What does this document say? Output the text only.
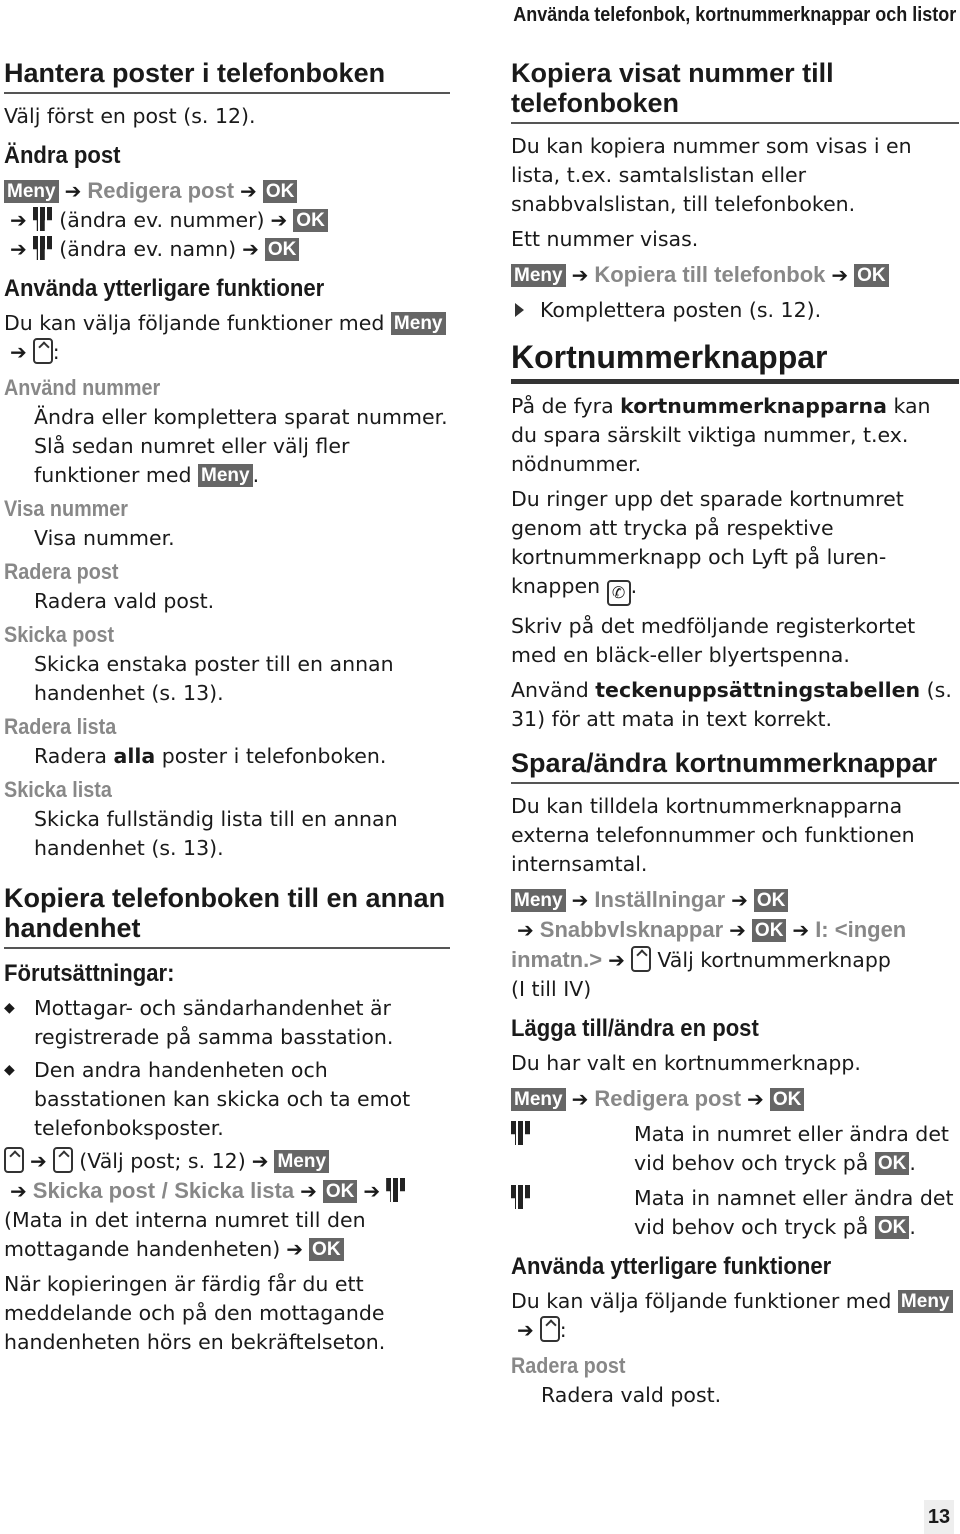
Använda telefonbok, kortnummerknappar och listor
Hantera poster i telefonboken
Välj först en post (s. 12).
Ändra post
Meny ➔ Redigera post ➔ OK
➔ (ändra ev. nummer) ➔ OK
➔ (ändra ev. namn) ➔ OK
Använda ytterligare funktioner
Du kan välja följande funktioner med Meny
➔ :
Använd nummer
Ändra eller komplettera sparat nummer. Slå sedan numret eller välj fler funktioner med Meny .
Visa nummer
Visa nummer.
Radera post
Radera vald post.
Skicka post
Skicka enstaka poster till en annan handenhet (s. 13).
Radera lista
Radera alla poster i telefonboken.
Skicka lista
Skicka fullständig lista till en annan handenhet (s. 13).
Kopiera telefonboken till en annan handenhet
Förutsättningar:
◆ Mottagar- och sändarhandenhet är registrerade på samma basstation.
◆ Den andra handenheten och basstationen kan skicka och ta emot telefonboksposter.
➔ (Välj post; s. 12) ➔ Meny
➔ Skicka post / Skicka lista ➔ OK ➔
(Mata in det interna numret till den mottagande handenheten) ➔ OK
När kopieringen är färdig får du ett meddelande och på den mottagande handenheten hörs en bekräftelseton.
Kopiera visat nummer till telefonboken
Du kan kopiera nummer som visas i en lista, t.ex. samtalslistan eller snabbvalslistan, till telefonboken.
Ett nummer visas.
Meny ➔ Kopiera till telefonbok ➔ OK
Komplettera posten (s. 12).
Kortnummerknappar
På de fyra kortnummerknapparna kan du spara särskilt viktiga nummer, t.ex. nödnummer.
Du ringer upp det sparade kortnumret genom att trycka på respektive kortnummerknapp och Lyft på luren-knappen ✆ .
Skriv på det medföljande registerkortet med en bläck-eller blyertspenna.
Använd teckenuppsättningstabellen (s. 31) för att mata in text korrekt.
Spara/ändra kortnummerknappar
Du kan tilldela kortnummerknapparna externa telefonnummer och funktionen internsamtal.
Meny ➔ Inställningar ➔ OK
➔ Snabbvlsknappar ➔ OK ➔ I: <ingen inmatn.> ➔ Välj kortnummerknapp
(I till IV)
Lägga till/ändra en post
Du har valt en kortnummerknapp.
Meny ➔ Redigera post ➔ OK
Mata in numret eller ändra det vid behov och tryck på OK .
Mata in namnet eller ändra det vid behov och tryck på OK .
Använda ytterligare funktioner
Du kan välja följande funktioner med Meny
➔ :
Radera post
Radera vald post.
13
